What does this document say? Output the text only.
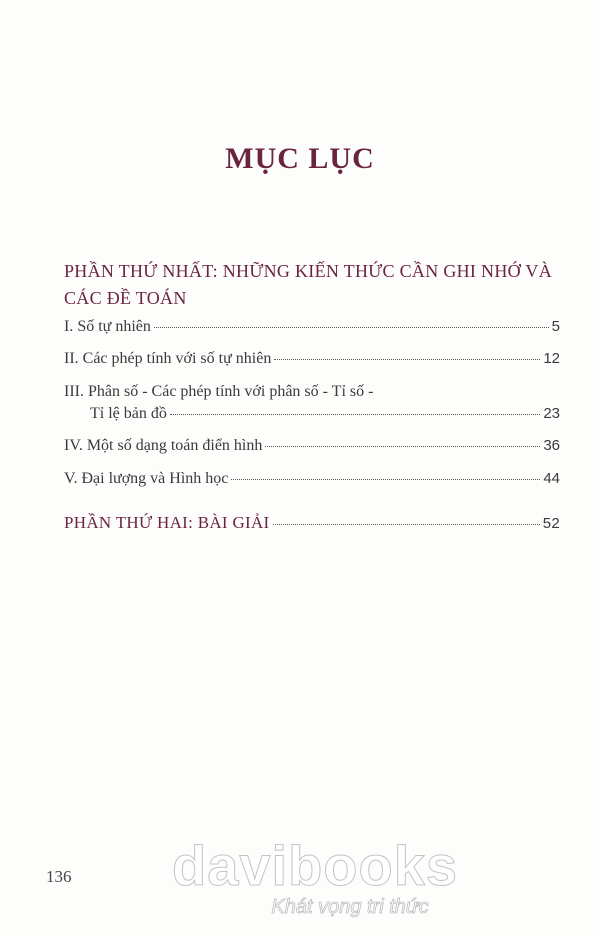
MỤC LỤC
PHẦN THỨ NHẤT: NHỮNG KIẾN THỨC CẦN GHI NHỚ VÀ
CÁC ĐỀ TOÁN
I. Số tự nhiên	5
II. Các phép tính với số tự nhiên	12
III. Phân số - Các phép tính với phân số - Tỉ số -
Tỉ lệ bản đồ	23
IV. Một số dạng toán điển hình	36
V. Đại lượng và Hình học	44
PHẦN THỨ HAI: BÀI GIẢI	52
136 davibooks
Khát vọng tri thức
